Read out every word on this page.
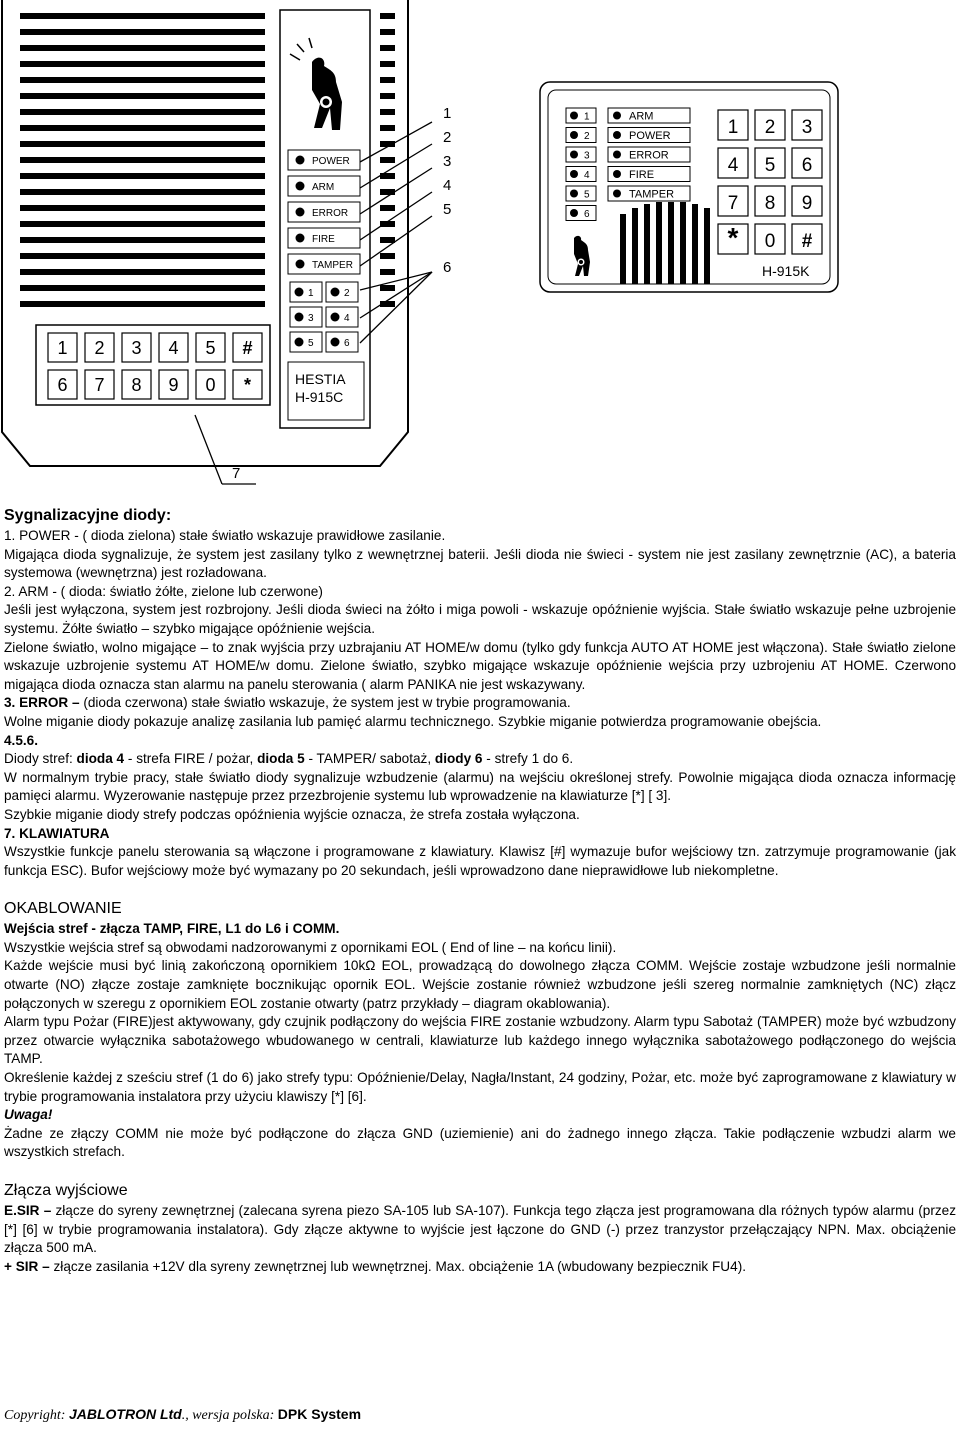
1 2 3 4 5 #
6 7 8 9 0 *
POWER
ARM
ERROR
FIRE
TAMPER
1	2
3	4
5	6
HESTIA
H-915C
1
2
3
4
5
6
7
1
2
3
4
5
6
ARM
POWER
ERROR
FIRE
TAMPER
1 2 3
4 5 6
7 8 9
* 0 #
H-915K

Sygnalizacyjne diody:

1. POWER - ( dioda zielona) stałe światło wskazuje prawidłowe zasilanie.

Migająca dioda sygnalizuje, że system jest zasilany tylko z wewnętrznej baterii. Jeśli dioda nie świeci - system nie jest zasilany zewnętrznie (AC), a bateria systemowa (wewnętrzna) jest rozładowana.

2. ARM - ( dioda: światło żółte, zielone lub czerwone)

Jeśli jest wyłączona, system jest rozbrojony. Jeśli dioda świeci na żółto i miga powoli - wskazuje opóźnienie wyjścia. Stałe światło wskazuje pełne uzbrojenie systemu. Żółte światło – szybko migające opóźnienie wejścia.

Zielone światło, wolno migające – to znak wyjścia przy uzbrajaniu AT HOME/w domu (tylko gdy funkcja AUTO AT HOME jest włączona). Stałe światło zielone wskazuje uzbrojenie systemu AT HOME/w domu. Zielone światło, szybko migające wskazuje opóźnienie wejścia przy uzbrojeniu AT HOME. Czerwono migająca dioda oznacza stan alarmu na panelu sterowania ( alarm PANIKA nie jest wskazywany.

3. ERROR – (dioda czerwona) stałe światło wskazuje, że system jest w trybie programowania.

Wolne miganie diody pokazuje analizę zasilania lub pamięć alarmu technicznego. Szybkie miganie potwierdza programowanie obejścia.

4.5.6.

Diody stref: dioda 4 - strefa FIRE / pożar, dioda 5 - TAMPER/ sabotaż, diody 6 - strefy 1 do 6.

W normalnym trybie pracy, stałe światło diody sygnalizuje wzbudzenie (alarmu) na wejściu określonej strefy. Powolnie migająca dioda oznacza informację pamięci alarmu. Wyzerowanie następuje przez przezbrojenie systemu lub wprowadzenie na klawiaturze [*] [ 3].

Szybkie miganie diody strefy podczas opóźnienia wyjście oznacza, że strefa została wyłączona.

7. KLAWIATURA

Wszystkie funkcje panelu sterowania są włączone i programowane z klawiatury. Klawisz [#] wymazuje bufor wejściowy tzn. zatrzymuje programowanie (jak funkcja ESC). Bufor wejściowy może być wymazany po 20 sekundach, jeśli wprowadzono dane nieprawidłowe lub niekompletne.

OKABLOWANIE

Wejścia stref - złącza TAMP, FIRE, L1 do L6 i COMM.

Wszystkie wejścia stref są obwodami nadzorowanymi z opornikami EOL ( End of line – na końcu linii).

Każde wejście musi być linią zakończoną opornikiem 10kΩ EOL, prowadzącą do dowolnego złącza COMM. Wejście zostaje wzbudzone jeśli normalnie otwarte (NO) złącze zostaje zamknięte bocznikując opornik EOL. Wejście zostanie również wzbudzone jeśli szereg normalnie zamkniętych (NC) złącz połączonych w szeregu z opornikiem EOL zostanie otwarty (patrz przykłady – diagram okablowania).

Alarm typu Pożar (FIRE)jest aktywowany, gdy czujnik podłączony do wejścia FIRE zostanie wzbudzony. Alarm typu Sabotaż (TAMPER) może być wzbudzony przez otwarcie wyłącznika sabotażowego wbudowanego w centrali, klawiaturze lub każdego innego wyłącznika sabotażowego podłączonego do wejścia TAMP.

Określenie każdej z sześciu stref (1 do 6) jako strefy typu: Opóźnienie/Delay, Nagła/Instant, 24 godziny, Pożar, etc. może być zaprogramowane z klawiatury w trybie programowania instalatora przy użyciu klawiszy [*] [6].

Uwaga!

Żadne ze złączy COMM nie może być podłączone do złącza GND (uziemienie) ani do żadnego innego złącza. Takie podłączenie wzbudzi alarm we wszystkich strefach.

Złącza wyjściowe

E.SIR – złącze do syreny zewnętrznej (zalecana syrena piezo SA-105 lub SA-107). Funkcja tego złącza jest programowana dla różnych typów alarmu (przez [*] [6] w trybie programowania instalatora). Gdy złącze aktywne to wyjście jest łączone do GND (-) przez tranzystor przełączający NPN. Max. obciążenie złącza 500 mA.

+ SIR – złącze zasilania +12V dla syreny zewnętrznej lub wewnętrznej. Max. obciążenie 1A (wbudowany bezpiecznik FU4).

Copyright: JABLOTRON Ltd., wersja polska: DPK System
